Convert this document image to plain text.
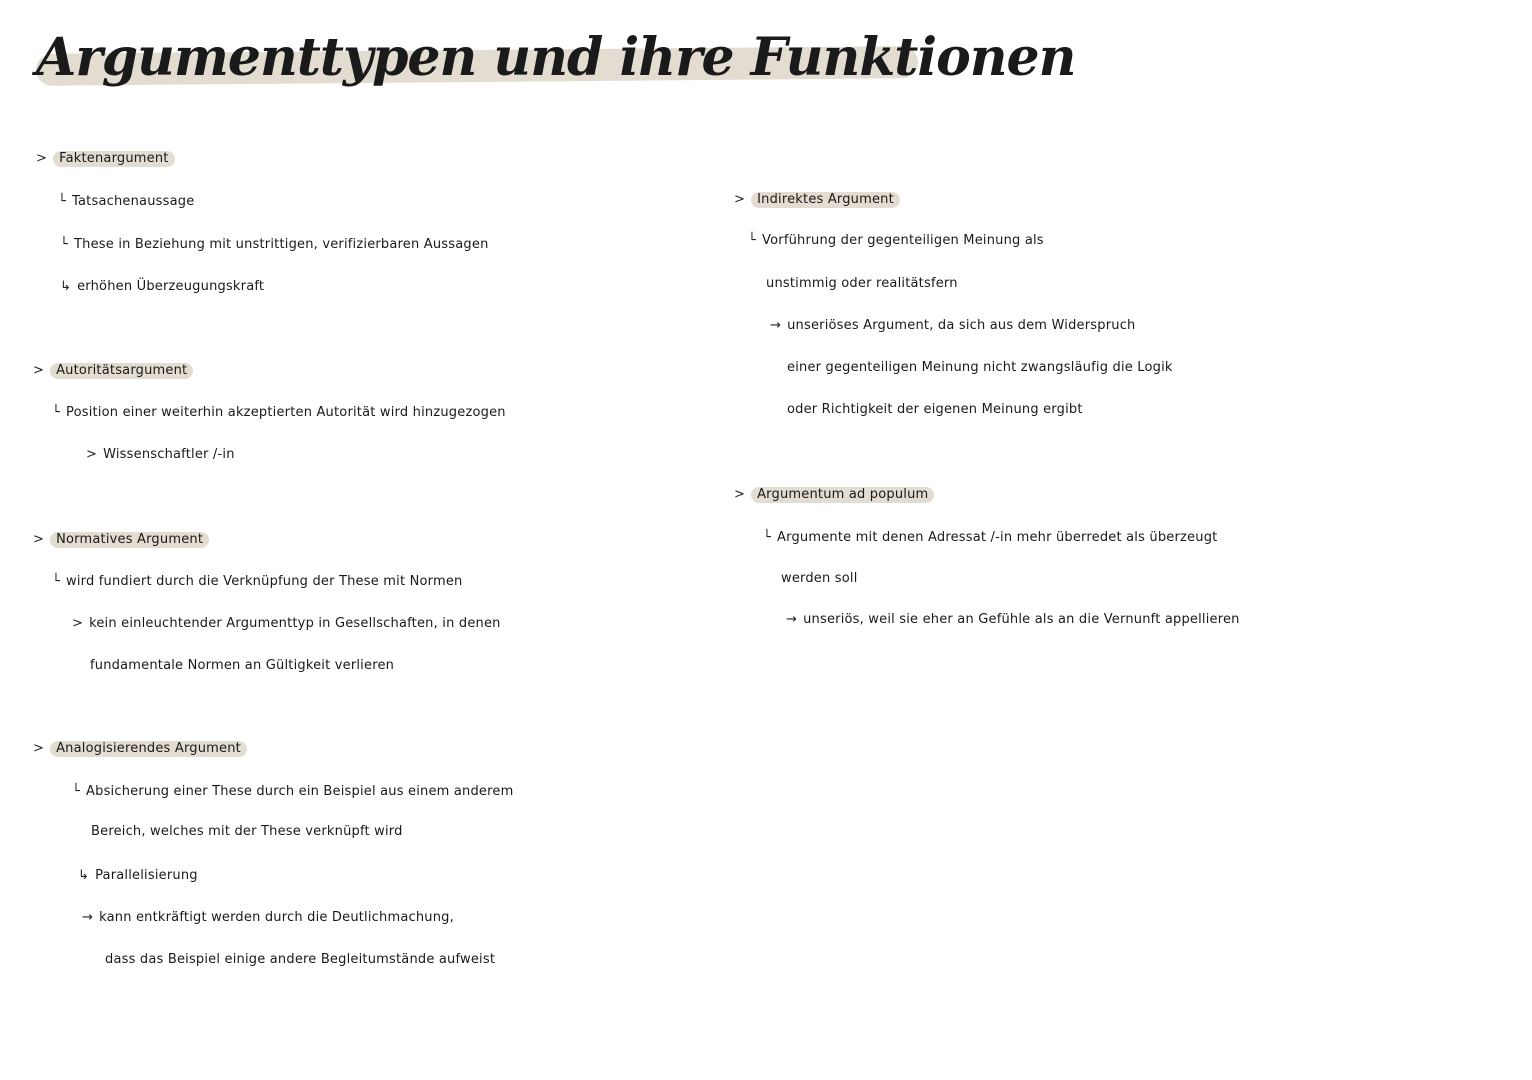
Argumenttypen und ihre Funktionen
> Faktenargument
└ Tatsachenaussage
└ These in Beziehung mit unstrittigen, verifizierbaren Aussagen
↳ erhöhen Überzeugungskraft
> Autoritätsargument
└ Position einer weiterhin akzeptierten Autorität wird hinzugezogen
> Wissenschaftler /-in
> Normatives Argument
└ wird fundiert durch die Verknüpfung der These mit Normen
> kein einleuchtender Argumenttyp in Gesellschaften, in denen
fundamentale Normen an Gültigkeit verlieren
> Analogisierendes Argument
└ Absicherung einer These durch ein Beispiel aus einem anderem
Bereich, welches mit der These verknüpft wird
↳ Parallelisierung
→ kann entkräftigt werden durch die Deutlichmachung,
dass das Beispiel einige andere Begleitumstände aufweist
> Indirektes Argument
└ Vorführung der gegenteiligen Meinung als
unstimmig oder realitätsfern
→ unseriöses Argument, da sich aus dem Widerspruch
einer gegenteiligen Meinung nicht zwangsläufig die Logik
oder Richtigkeit der eigenen Meinung ergibt
> Argumentum ad populum
└ Argumente mit denen Adressat /-in mehr überredet als überzeugt
werden soll
→ unseriös, weil sie eher an Gefühle als an die Vernunft appellieren
